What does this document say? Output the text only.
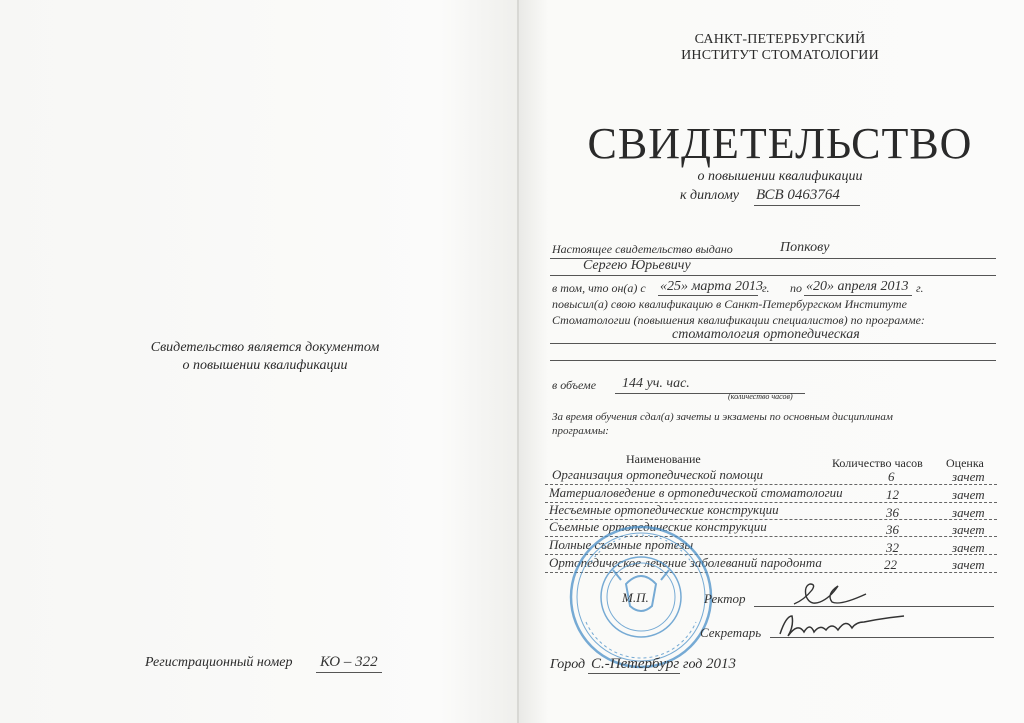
Свидетельство является документом
о повышении квалификации
Регистрационный номер КО – 322
САНКТ-ПЕТЕРБУРГСКИЙ
ИНСТИТУТ СТОМАТОЛОГИИ
СВИДЕТЕЛЬСТВО
о повышении квалификации
к диплому ВСВ 0463764
Настоящее свидетельство выдано	Попкову
Сергею Юрьевичу
в том, что он(а) с «25» марта 2013
г. по «20» апреля 2013 г.
повысил(а) свою квалификацию в Санкт-Петербургском Институте
Стоматологии (повышения квалификации специалистов) по программе:
стоматология ортопедическая
в объеме 144 уч. час.
(количество часов)
За время обучения сдал(а) зачеты и экзамены по основным дисциплинам
программы:
Наименование	Количество часов Оценка
Организация ортопедической помощи	6	зачет
Материаловедение в ортопедической стоматологии	12	зачет
Несъемные ортопедические конструкции	36	зачет
Съемные ортопедические конструкции	36	зачет
Полные съемные протезы	32	зачет
Ортопедическое лечение заболеваний пародонта	22	зачет
М.П.	Ректор
Секретарь
Город С.-Петербург год 2013
